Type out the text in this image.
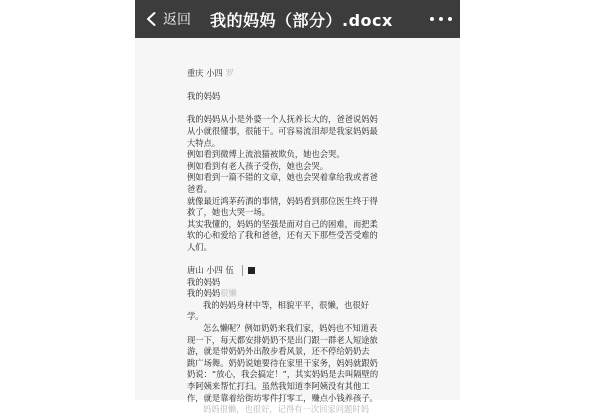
返回 我的妈妈（部分）.docx

重庆 小四 罗

我的妈妈

我的妈妈从小是外婆一个人抚养长大的，爸爸说妈妈

从小就很懂事，很能干。可容易流泪却是我家妈妈最

大特点。

例如看到微博上流浪猫被欺负，她也会哭。

例如看到有老人孩子受伤，她也会哭。

例如看到一篇不错的文章，她也会哭着拿给我或者爸

爸看。

就像最近鸿茅药酒的事情，妈妈看到那位医生终于得

救了，她也大哭一场。

其实我懂的，妈妈的坚强是面对自己的困难，而把柔

软的心和爱给了我和爸爸，还有天下那些受苦受难的

人们。

唐山 小四 伍

我的妈妈

我的妈妈很懒

我的妈妈身材中等，相貌平平，很懒，也很好

学。

怎么懒呢？例如奶奶来我们家，妈妈也不知道表

现一下，每天都安排奶奶不是出门跟一群老人短途旅

游，就是带奶奶外出散步看风景，还不停给奶奶去

跳广场舞。奶奶说她要待在家里干家务，妈妈就跟奶

奶说：“放心，我会搞定！”，其实妈妈是去叫隔壁的

李阿姨来帮忙打扫。虽然我知道李阿姨没有其他工

作，就是靠着给街坊零件打零工，赚点小钱养孩子。

妈妈很懒，也很好，记得有一次回家问题时妈
